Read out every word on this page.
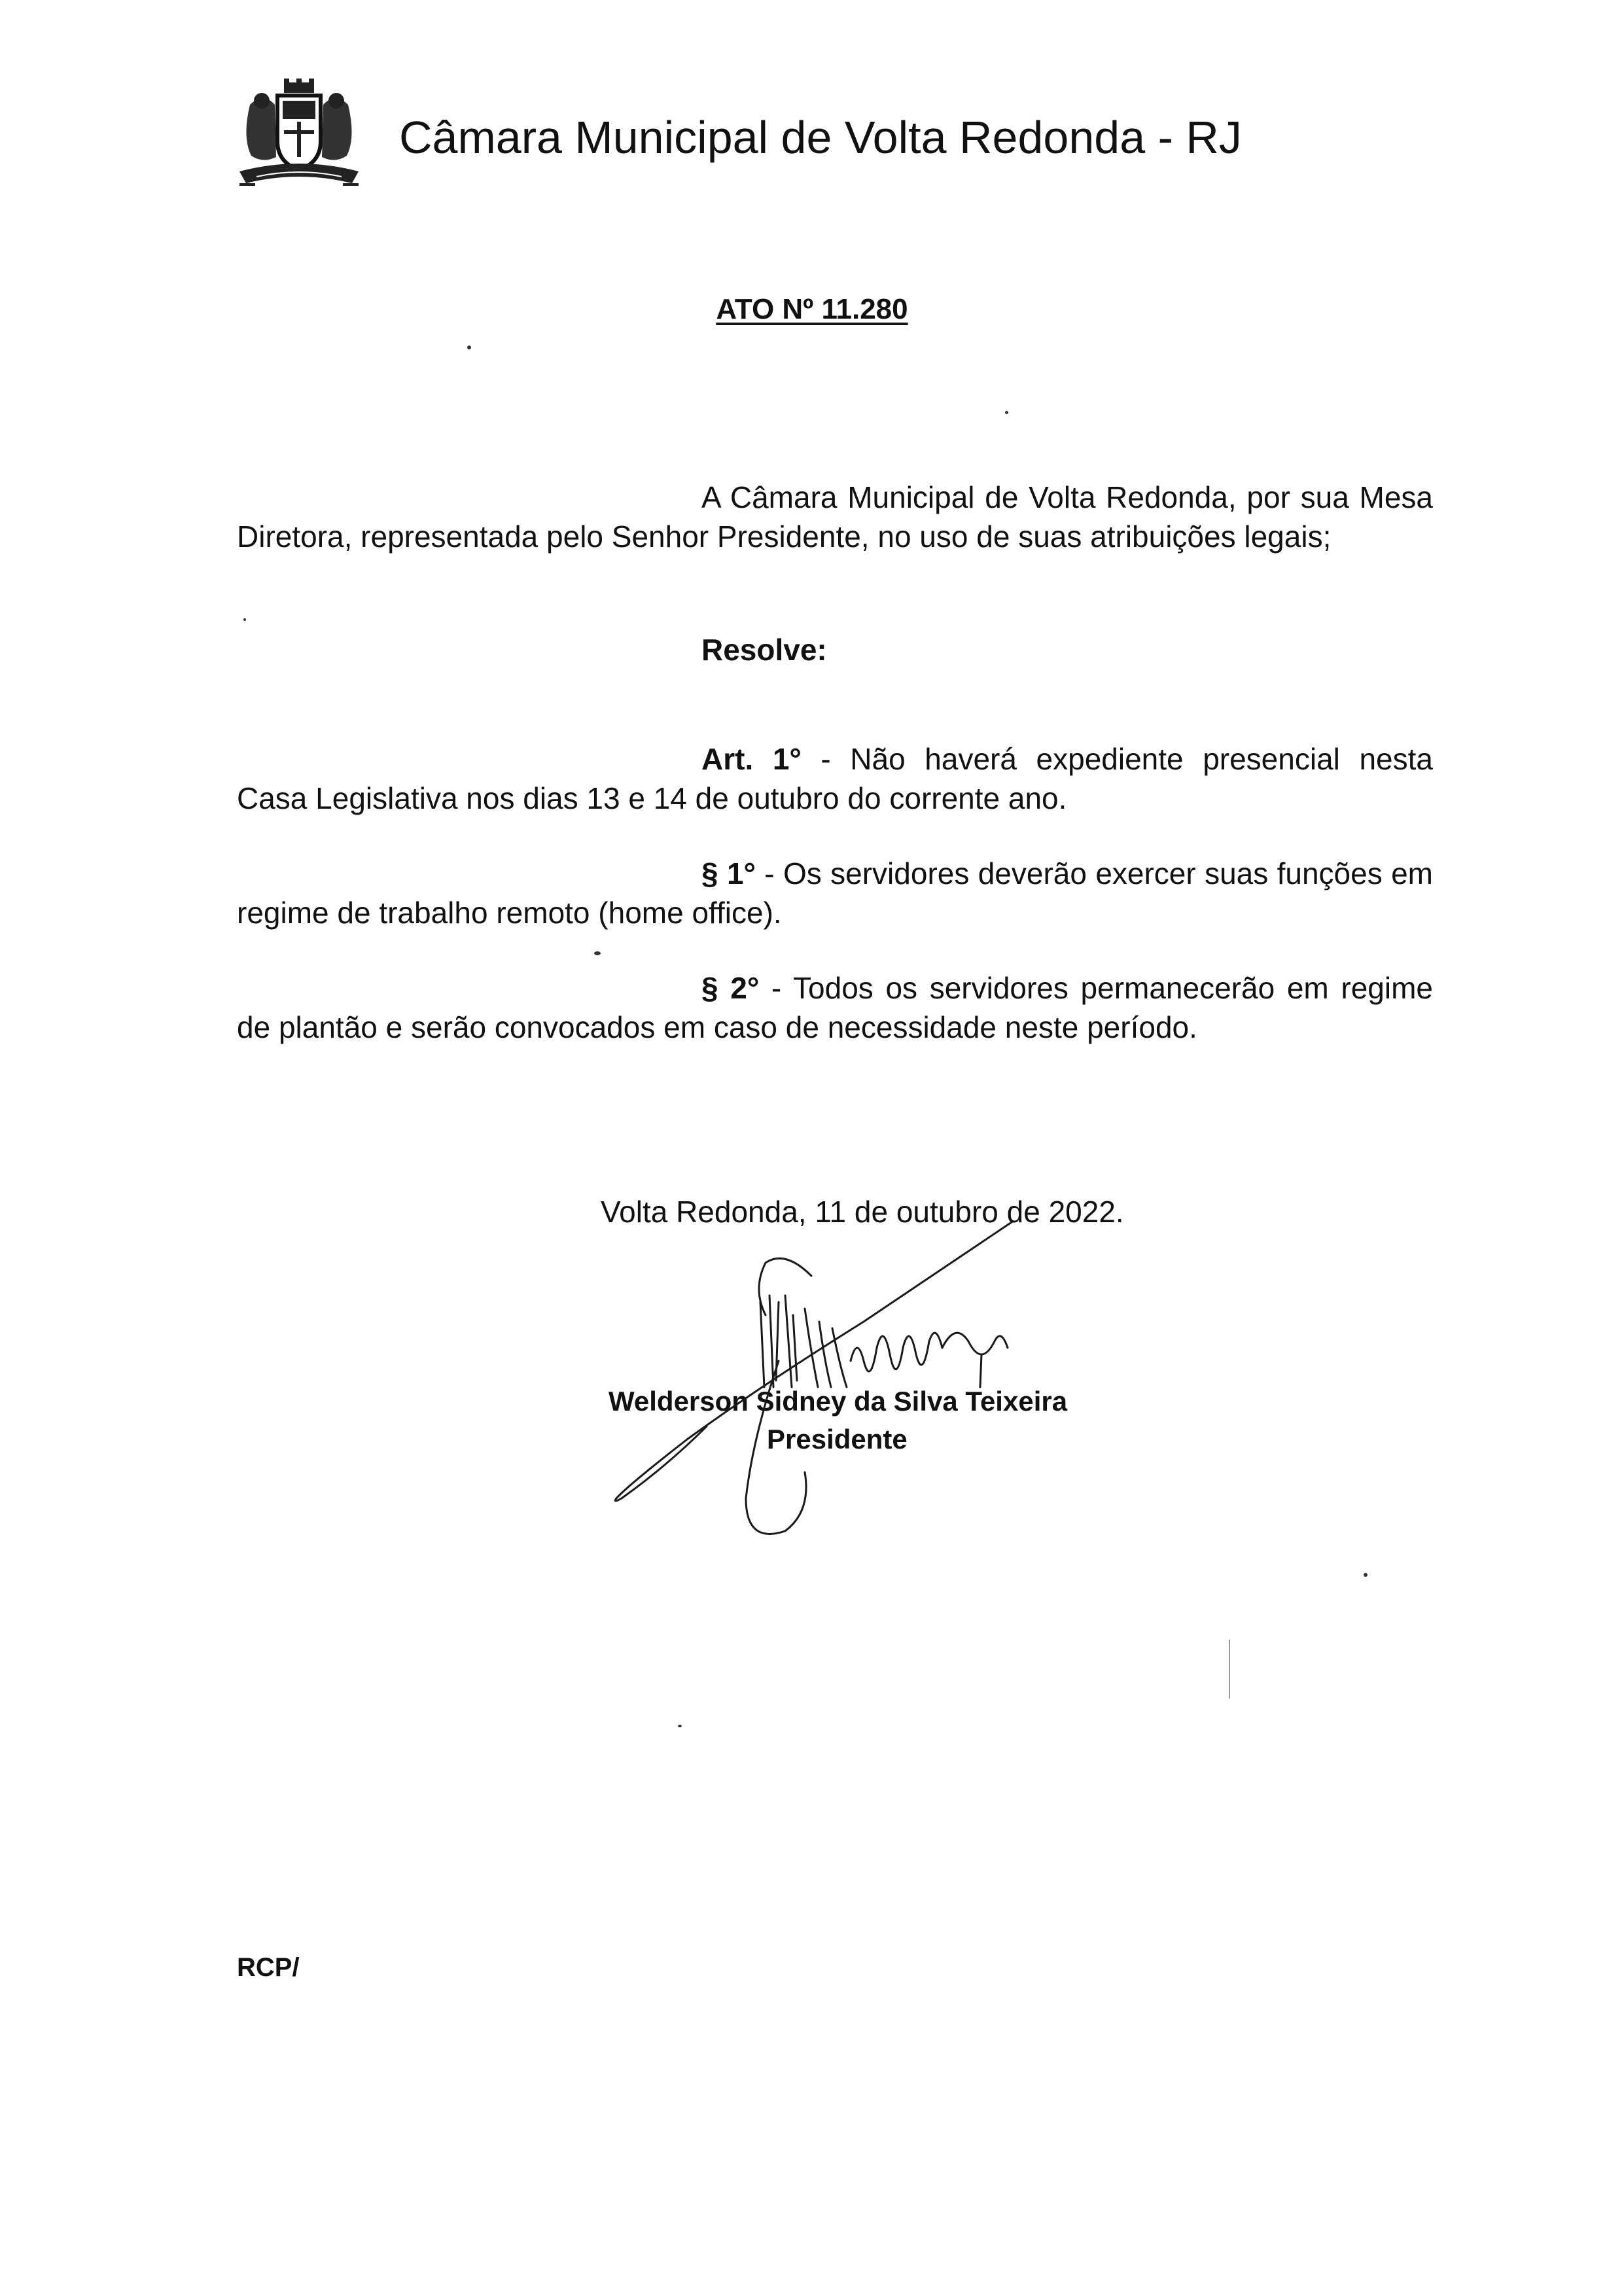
Câmara Municipal de Volta Redonda - RJ
ATO Nº 11.280
A Câmara Municipal de Volta Redonda, por sua Mesa Diretora, representada pelo Senhor Presidente, no uso de suas atribuições legais;
Resolve:
Art. 1° - Não haverá expediente presencial nesta Casa Legislativa nos dias 13 e 14 de outubro do corrente ano.
§ 1° - Os servidores deverão exercer suas funções em regime de trabalho remoto (home office).
§ 2° - Todos os servidores permanecerão em regime de plantão e serão convocados em caso de necessidade neste período.
Volta Redonda, 11 de outubro de 2022.
Welderson Sidney da Silva Teixeira
Presidente
RCP/
